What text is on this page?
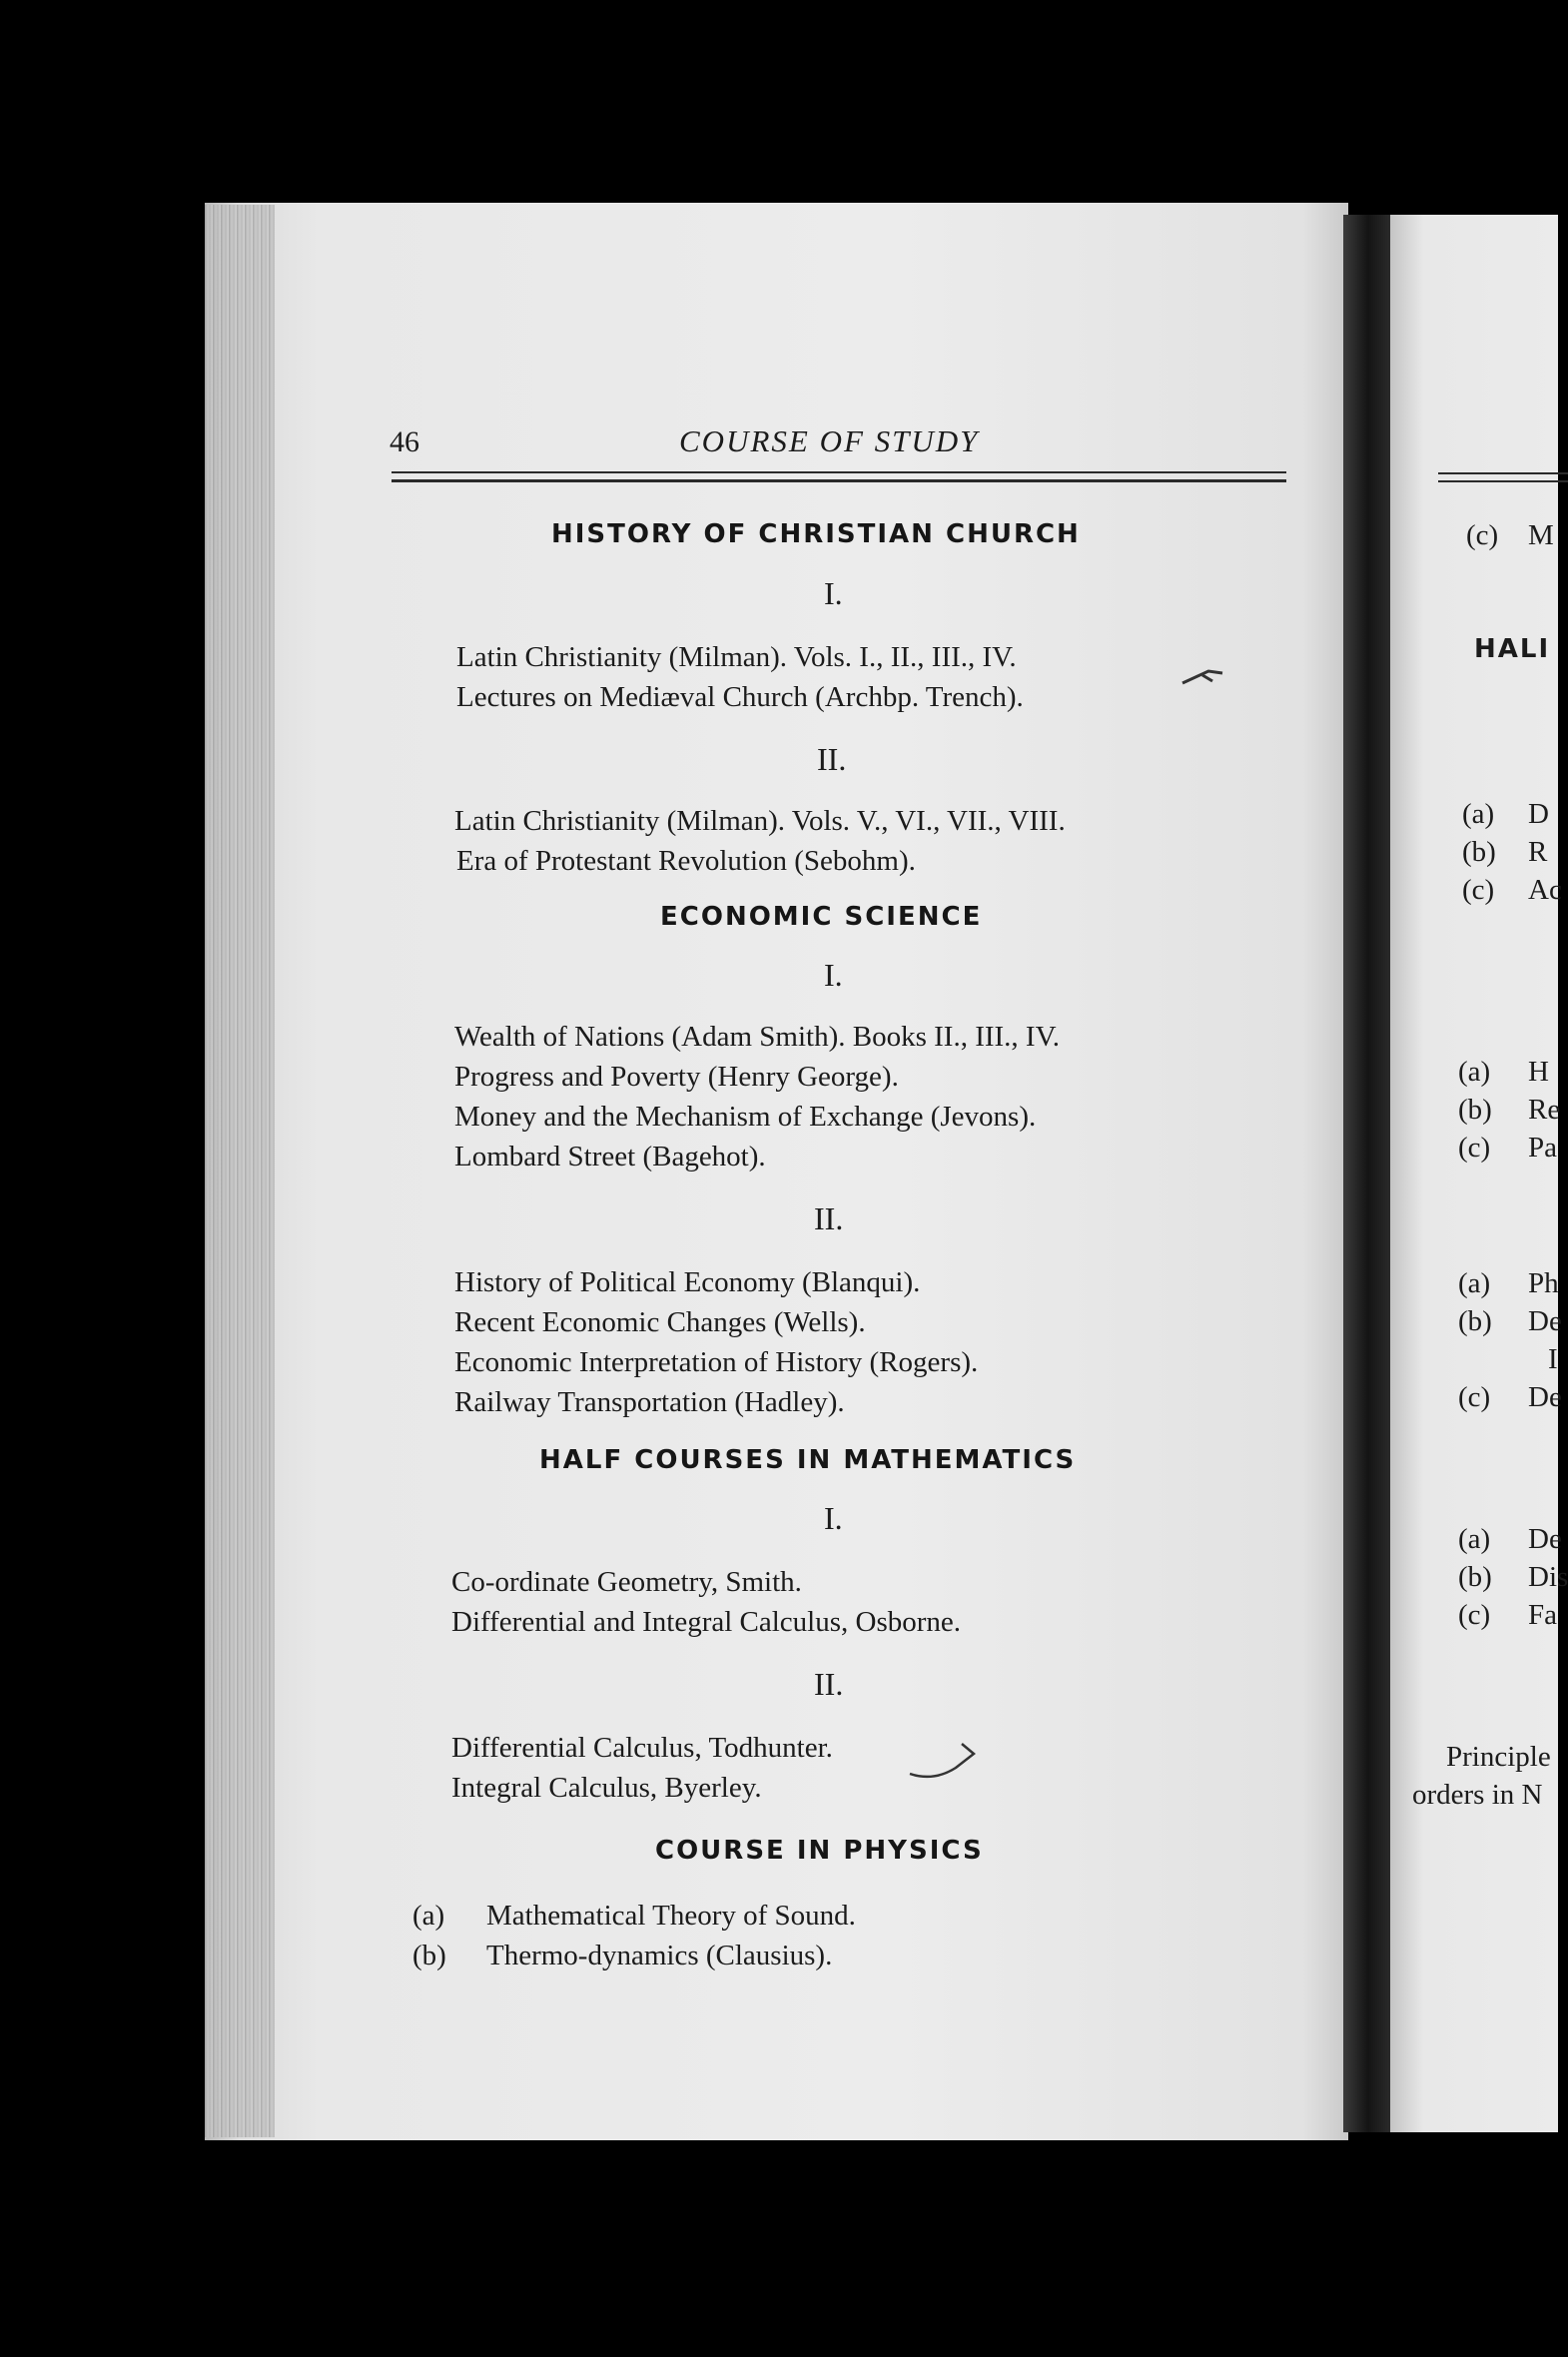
46	COURSE OF STUDY
HISTORY OF CHRISTIAN CHURCH
I.
Latin Christianity (Milman). Vols. I., II., III., IV.
Lectures on Mediæval Church (Archbp. Trench).
II.
Latin Christianity (Milman). Vols. V., VI., VII., VIII.
Era of Protestant Revolution (Sebohm).
ECONOMIC SCIENCE
I.
Wealth of Nations (Adam Smith). Books II., III., IV.
Progress and Poverty (Henry George).
Money and the Mechanism of Exchange (Jevons).
Lombard Street (Bagehot).
II.
History of Political Economy (Blanqui).
Recent Economic Changes (Wells).
Economic Interpretation of History (Rogers).
Railway Transportation (Hadley).
HALF COURSES IN MATHEMATICS
I.
Co-ordinate Geometry, Smith.
Differential and Integral Calculus, Osborne.
II.
Differential Calculus, Todhunter.
Integral Calculus, Byerley.
COURSE IN PHYSICS
(a) Mathematical Theory of Sound.
(b) Thermo-dynamics (Clausius).
(c) M
HALI
(a) D
(b) R
(c) Ac
(a) H
(b) Re
(c) Pa
(a) Ph
(b) De
I
(c) De
(a) De
(b) Dis
(c) Fa
Principle
orders in N
